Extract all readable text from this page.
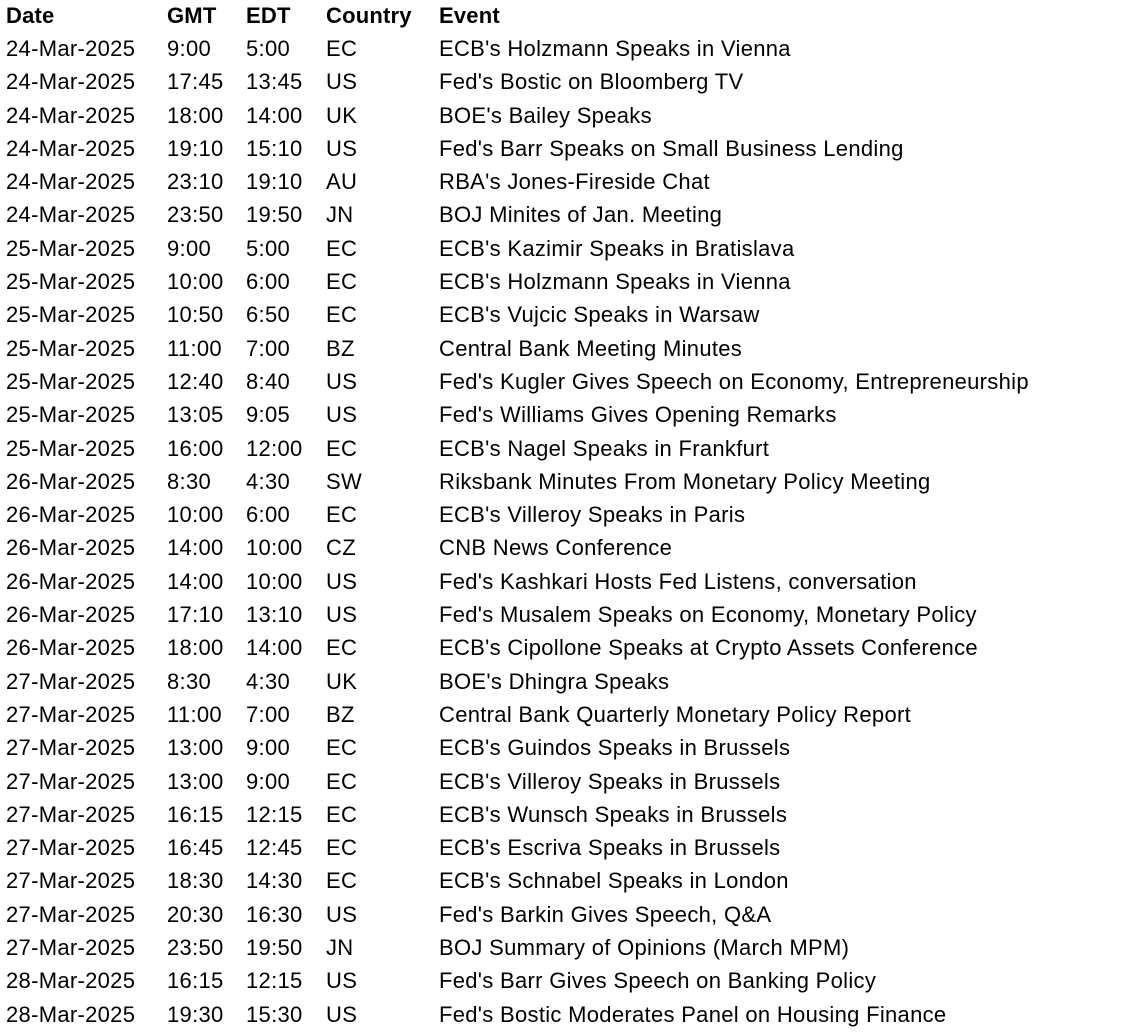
Date	GMT EDT Country Event
24-Mar-2025 9:00 5:00 EC	ECB's Holzmann Speaks in Vienna
24-Mar-2025 17:45 13:45 US	Fed's Bostic on Bloomberg TV
24-Mar-2025 18:00 14:00 UK	BOE's Bailey Speaks
24-Mar-2025 19:10 15:10 US	Fed's Barr Speaks on Small Business Lending
24-Mar-2025 23:10 19:10 AU	RBA's Jones-Fireside Chat
24-Mar-2025 23:50 19:50 JN	BOJ Minites of Jan. Meeting
25-Mar-2025 9:00 5:00 EC	ECB's Kazimir Speaks in Bratislava
25-Mar-2025 10:00 6:00 EC	ECB's Holzmann Speaks in Vienna
25-Mar-2025 10:50 6:50 EC	ECB's Vujcic Speaks in Warsaw
25-Mar-2025 11:00 7:00 BZ	Central Bank Meeting Minutes
25-Mar-2025 12:40 8:40 US	Fed's Kugler Gives Speech on Economy, Entrepreneurship
25-Mar-2025 13:05 9:05 US	Fed's Williams Gives Opening Remarks
25-Mar-2025 16:00 12:00 EC	ECB's Nagel Speaks in Frankfurt
26-Mar-2025 8:30 4:30 SW	Riksbank Minutes From Monetary Policy Meeting
26-Mar-2025 10:00 6:00 EC	ECB's Villeroy Speaks in Paris
26-Mar-2025 14:00 10:00 CZ	CNB News Conference
26-Mar-2025 14:00 10:00 US	Fed's Kashkari Hosts Fed Listens, conversation
26-Mar-2025 17:10 13:10 US	Fed's Musalem Speaks on Economy, Monetary Policy
26-Mar-2025 18:00 14:00 EC	ECB's Cipollone Speaks at Crypto Assets Conference
27-Mar-2025 8:30 4:30 UK	BOE's Dhingra Speaks
27-Mar-2025 11:00 7:00 BZ	Central Bank Quarterly Monetary Policy Report
27-Mar-2025 13:00 9:00 EC	ECB's Guindos Speaks in Brussels
27-Mar-2025 13:00 9:00 EC	ECB's Villeroy Speaks in Brussels
27-Mar-2025 16:15 12:15 EC	ECB's Wunsch Speaks in Brussels
27-Mar-2025 16:45 12:45 EC	ECB's Escriva Speaks in Brussels
27-Mar-2025 18:30 14:30 EC	ECB's Schnabel Speaks in London
27-Mar-2025 20:30 16:30 US	Fed's Barkin Gives Speech, Q&A
27-Mar-2025 23:50 19:50 JN	BOJ Summary of Opinions (March MPM)
28-Mar-2025 16:15 12:15 US	Fed's Barr Gives Speech on Banking Policy
28-Mar-2025 19:30 15:30 US	Fed's Bostic Moderates Panel on Housing Finance
